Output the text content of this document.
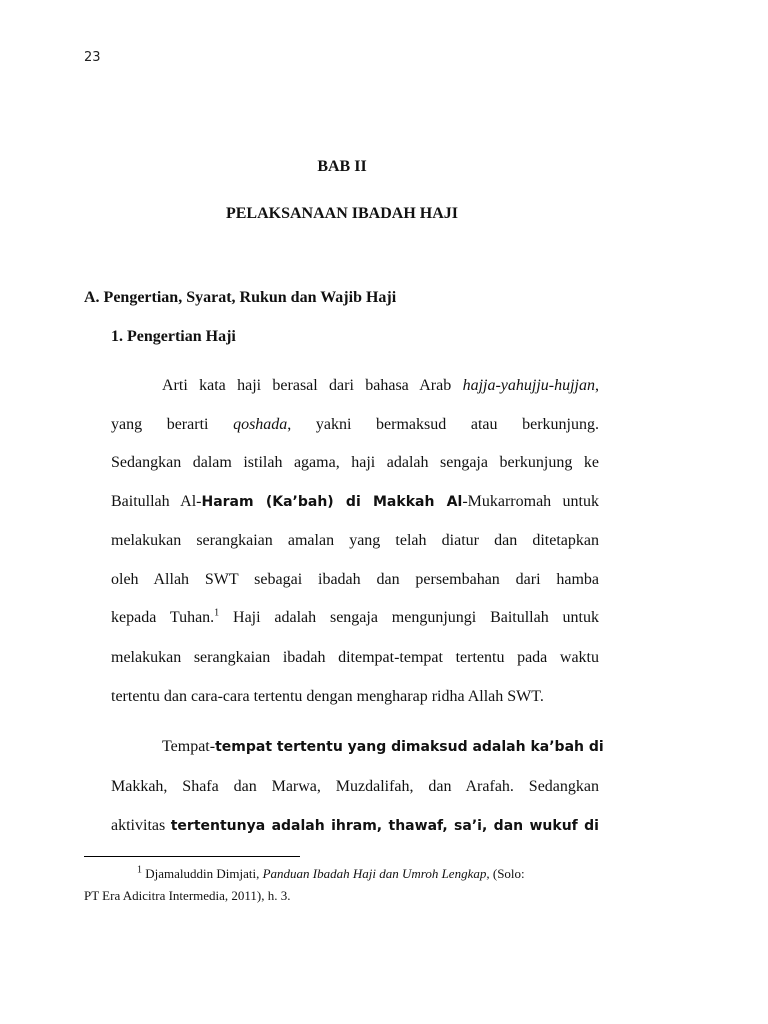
23
BAB II
PELAKSANAAN IBADAH HAJI
A. Pengertian, Syarat, Rukun dan Wajib Haji
1. Pengertian Haji
Arti kata haji berasal dari bahasa Arab hajja-yahujju-hujjan,
yang berarti qoshada, yakni bermaksud atau berkunjung.
Sedangkan dalam istilah agama, haji adalah sengaja berkunjung ke
Baitullah Al-Haram (Ka’bah) di Makkah Al-Mukarromah untuk
melakukan serangkaian amalan yang telah diatur dan ditetapkan
oleh Allah SWT sebagai ibadah dan persembahan dari hamba
kepada Tuhan.$^1$ Haji adalah sengaja mengunjungi Baitullah untuk
melakukan serangkaian ibadah ditempat-tempat tertentu pada waktu
tertentu dan cara-cara tertentu dengan mengharap ridha Allah SWT.
Tempat-tempat tertentu yang dimaksud adalah ka’bah di
Makkah, Shafa dan Marwa, Muzdalifah, dan Arafah. Sedangkan
aktivitas tertentunya adalah ihram, thawaf, sa’i, dan wukuf di
$^1$ Djamaluddin Dimjati, Panduan Ibadah Haji dan Umroh Lengkap, (Solo:
PT Era Adicitra Intermedia, 2011), h. 3.
